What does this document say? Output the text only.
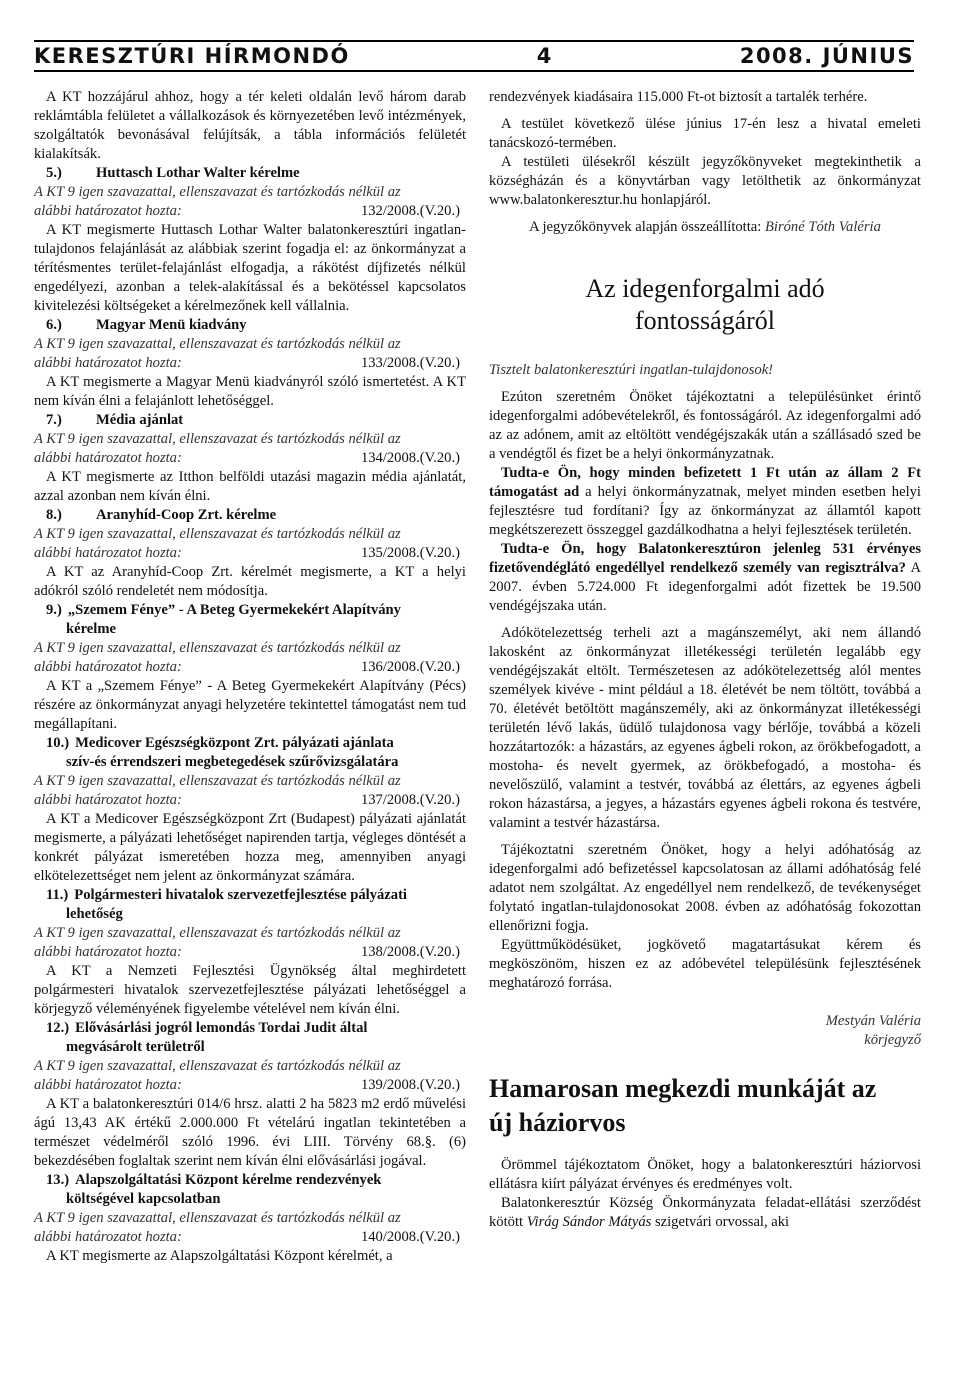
KERESZTÚRI HÍRMONDÓ	4	2008. JÚNIUS

A KT hozzájárul ahhoz, hogy a tér keleti oldalán levő három darab reklámtábla felületet a vállalkozások és környezetében levő intézmények, szolgáltatók bevonásával felújítsák, a tábla információs felületét kialakítsák.

5.) Huttasch Lothar Walter kérelme

A KT 9 igen szavazattal, ellenszavazat és tartózkodás nélkül az

alábbi határozatot hozta:	132/2008.(V.20.)

A KT megismerte Huttasch Lothar Walter balatonkeresztúri ingatlan-tulajdonos felajánlását az alábbiak szerint fogadja el: az önkormányzat a térítésmentes terület-felajánlást elfogadja, a rákötést díjfizetés nélkül engedélyezi, azonban a telek-alakítással és a bekötéssel kapcsolatos kivitelezési költségeket a kérelmezőnek kell vállalnia.

6.) Magyar Menü kiadvány

A KT 9 igen szavazattal, ellenszavazat és tartózkodás nélkül az

alábbi határozatot hozta:	133/2008.(V.20.)

A KT megismerte a Magyar Menü kiadványról szóló ismertetést. A KT nem kíván élni a felajánlott lehetőséggel.

7.) Média ajánlat

A KT 9 igen szavazattal, ellenszavazat és tartózkodás nélkül az

alábbi határozatot hozta:	134/2008.(V.20.)

A KT megismerte az Itthon belföldi utazási magazin média ajánlatát, azzal azonban nem kíván élni.

8.) Aranyhíd-Coop Zrt. kérelme

A KT 9 igen szavazattal, ellenszavazat és tartózkodás nélkül az

alábbi határozatot hozta:	135/2008.(V.20.)

A KT az Aranyhíd-Coop Zrt. kérelmét megismerte, a KT a helyi adókról szóló rendeletét nem módosítja.

9.) „Szemem Fénye” - A Beteg Gyermekekért Alapítvány
kérelme

A KT 9 igen szavazattal, ellenszavazat és tartózkodás nélkül az

alábbi határozatot hozta:	136/2008.(V.20.)

A KT a „Szemem Fénye” - A Beteg Gyermekekért Alapítvány (Pécs) részére az önkormányzat anyagi helyzetére tekintettel támogatást nem tud megállapítani.

10.) Medicover Egészségközpont Zrt. pályázati ajánlata
szív-és érrendszeri megbetegedések szűrővizsgálatára

A KT 9 igen szavazattal, ellenszavazat és tartózkodás nélkül az

alábbi határozatot hozta:	137/2008.(V.20.)

A KT a Medicover Egészségközpont Zrt (Budapest) pályázati ajánlatát megismerte, a pályázati lehetőséget napirenden tartja, végleges döntését a konkrét pályázat ismeretében hozza meg, amennyiben anyagi elkötelezettséget nem jelent az önkormányzat számára.

11.) Polgármesteri hivatalok szervezetfejlesztése pályázati
lehetőség

A KT 9 igen szavazattal, ellenszavazat és tartózkodás nélkül az

alábbi határozatot hozta:	138/2008.(V.20.)

A KT a Nemzeti Fejlesztési Ügynökség által meghirdetett polgármesteri hivatalok szervezetfejlesztése pályázati lehetőséggel a körjegyző véleményének figyelembe vételével nem kíván élni.

12.) Elővásárlási jogról lemondás Tordai Judit által
megvásárolt területről

A KT 9 igen szavazattal, ellenszavazat és tartózkodás nélkül az

alábbi határozatot hozta:	139/2008.(V.20.)

A KT a balatonkeresztúri 014/6 hrsz. alatti 2 ha 5823 m2 erdő művelési ágú 13,43 AK értékű 2.000.000 Ft vételárú ingatlan tekintetében a természet védelméről szóló 1996. évi LIII. Törvény 68.§. (6) bekezdésében foglaltak szerint nem kíván élni elővásárlási jogával.

13.) Alapszolgáltatási Központ kérelme rendezvények
költségével kapcsolatban

A KT 9 igen szavazattal, ellenszavazat és tartózkodás nélkül az

alábbi határozatot hozta:	140/2008.(V.20.)

A KT megismerte az Alapszolgáltatási Központ kérelmét, a

rendezvények kiadásaira 115.000 Ft-ot biztosít a tartalék terhére.

A testület következő ülése június 17-én lesz a hivatal emeleti tanácskozó-termében.

A testületi ülésekről készült jegyzőkönyveket megtekinthetik a községházán és a könyvtárban vagy letölthetik az önkormányzat www.balatonkeresztur.hu honlapjáról.

A jegyzőkönyvek alapján összeállította: Biróné Tóth Valéria

Az idegenforgalmi adó
fontosságáról

Tisztelt balatonkeresztúri ingatlan-tulajdonosok!

Ezúton szeretném Önöket tájékoztatni a településünket érintő idegenforgalmi adóbevételekről, és fontosságáról. Az idegenforgalmi adó az az adónem, amit az eltöltött vendégéjszakák után a szállásadó szed be a vendégtől és fizet be a helyi önkormányzatnak.

Tudta-e Ön, hogy minden befizetett 1 Ft után az állam 2 Ft támogatást ad a helyi önkormányzatnak, melyet minden esetben helyi fejlesztésre tud fordítani? Így az önkormányzat az államtól kapott megkétszerezett összeggel gazdálkodhatna a helyi fejlesztések területén.

Tudta-e Ön, hogy Balatonkeresztúron jelenleg 531 érvényes fizetővendéglátó engedéllyel rendelkező személy van regisztrálva? A 2007. évben 5.724.000 Ft idegenforgalmi adót fizettek be 19.500 vendégéjszaka után.

Adókötelezettség terheli azt a magánszemélyt, aki nem állandó lakosként az önkormányzat illetékességi területén legalább egy vendégéjszakát eltölt. Természetesen az adókötelezettség alól mentes személyek kivéve - mint például a 18. életévét be nem töltött, továbbá a 70. életévét betöltött magánszemély, aki az önkormányzat illetékességi területén lévő lakás, üdülő tulajdonosa vagy bérlője, továbbá a közeli hozzátartozók: a házastárs, az egyenes ágbeli rokon, az örökbefogadott, a mostoha- és nevelt gyermek, az örökbefogadó, a mostoha- és nevelőszülő, valamint a testvér, továbbá az élettárs, az egyenes ágbeli rokon házastársa, a jegyes, a házastárs egyenes ágbeli rokona és testvére, valamint a testvér házastársa.

Tájékoztatni szeretném Önöket, hogy a helyi adóhatóság az idegenforgalmi adó befizetéssel kapcsolatosan az állami adóhatóság felé adatot nem szolgáltat. Az engedéllyel nem rendelkező, de tevékenységet folytató ingatlan-tulajdonosokat 2008. évben az adóhatóság fokozottan ellenőrizni fogja.

Együttműködésüket, jogkövető magatartásukat kérem és megköszönöm, hiszen ez az adóbevétel településünk fejlesztésének meghatározó forrása.

Mestyán Valéria

körjegyző

Hamarosan megkezdi munkáját az
új háziorvos

Örömmel tájékoztatom Önöket, hogy a balatonkeresztúri háziorvosi ellátásra kiírt pályázat érvényes és eredményes volt.

Balatonkeresztúr Község Önkormányzata feladat-ellátási szerződést kötött Virág Sándor Mátyás szigetvári orvossal, aki
